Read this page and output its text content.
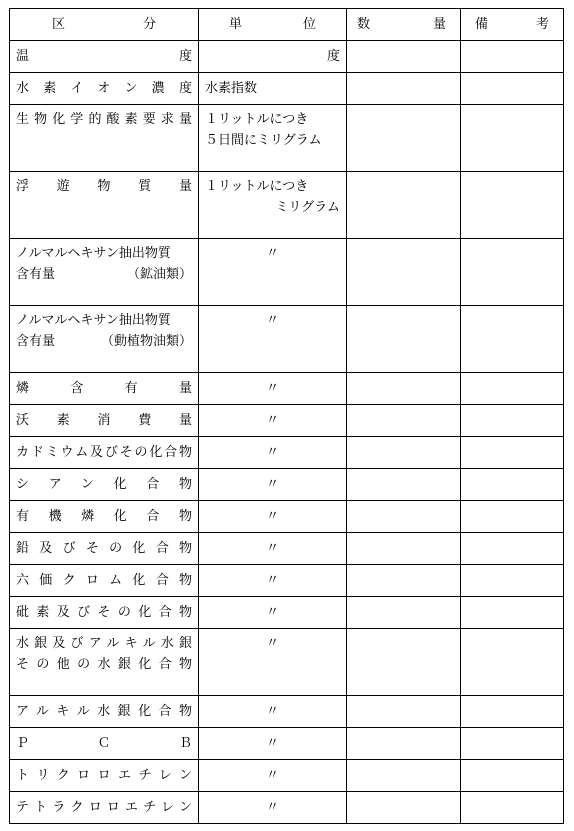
区　　分	単　　位	数　　量	備　　考
温　　　　　　度	度		
水素イオン濃度	水素指数		
生物化学的酸素要求量	１リットルにつき
５日間にミリグラム		

浮　遊　物　質　量	１リットルにつき
ミリグラム		

ノルマルヘキサン抽出物質
含有量 （鉱油類）	〃		

ノルマルヘキサン抽出物質
含有量 （動植物油類）	〃		
燐　含　有　量	〃		
沃　素　消　費　量	〃		
カドミウム及びその化合物	〃		
シアン化合物	〃		
有機燐化合物	〃		
鉛及びその化合物	〃		
六価クロム化合物	〃		
砒素及びその化合物	〃		

水銀及びアルキル水銀
その他の水銀化合物	〃		
アルキル水銀化合物	〃		
Ｐ　　Ｃ　　Ｂ	〃		
トリクロロエチレン	〃		
テトラクロロエチレン	〃		
